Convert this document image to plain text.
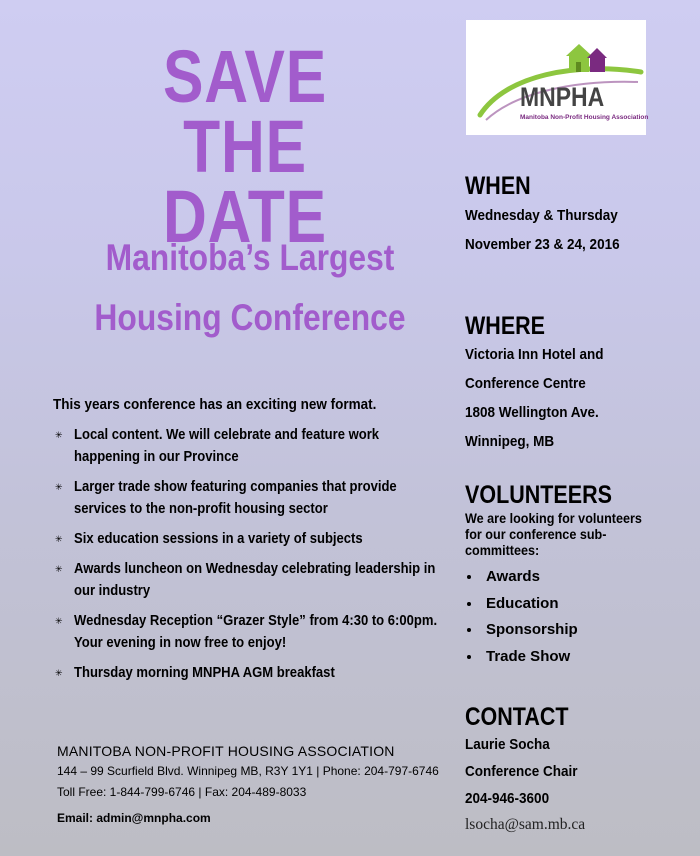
SAVE THE
DATE
Manitoba’s Largest
Housing Conference
MNPHA
Manitoba Non-Profit Housing Association
WHEN
Wednesday & Thursday
November 23 & 24, 2016
WHERE
Victoria Inn Hotel and
Conference Centre
1808 Wellington Ave.
Winnipeg, MB
VOLUNTEERS
We are looking for volunteers
for our conference sub-
committees:
Awards
Education
Sponsorship
Trade Show
CONTACT
Laurie Socha
Conference Chair
204-946-3600
lsocha@sam.mb.ca
This years conference has an exciting new format.
✳ Local content. We will celebrate and feature work happening in our Province
✳ Larger trade show featuring companies that provide services to the non-profit housing sector
✳ Six education sessions in a variety of subjects
✳ Awards luncheon on Wednesday celebrating leadership in our industry
✳ Wednesday Reception “Grazer Style” from 4:30 to 6:00pm. Your evening in now free to enjoy!
✳ Thursday morning MNPHA AGM breakfast
MANITOBA NON-PROFIT HOUSING ASSOCIATION
144 – 99 Scurfield Blvd. Winnipeg MB, R3Y 1Y1 | Phone: 204-797-6746
Toll Free: 1-844-799-6746 | Fax: 204-489-8033
Email: admin@mnpha.com
